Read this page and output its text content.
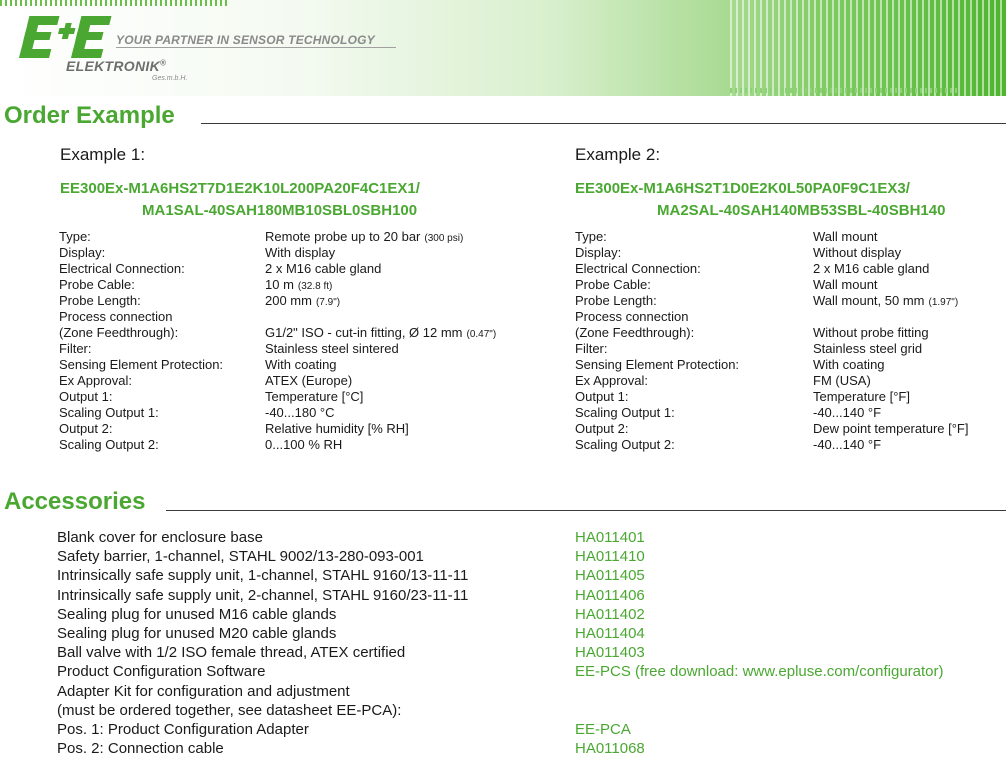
YOUR PARTNER IN SENSOR TECHNOLOGY
ELEKTRONIK®
Ges.m.b.H.
Order Example
Example 1:
EE300Ex-M1A6HS2T7D1E2K10L200PA20F4C1EX1/
MA1SAL-40SAH180MB10SBL0SBH100
Type:	Remote probe up to 20 bar (300 psi)
Display:	With display
Electrical Connection:	2 x M16 cable gland
Probe Cable:	10 m (32.8 ft)
Probe Length:	200 mm (7.9")
Process connection
(Zone Feedthrough):	G1/2" ISO - cut-in fitting, Ø 12 mm (0.47")
Filter:	Stainless steel sintered
Sensing Element Protection:	With coating
Ex Approval:	ATEX (Europe)
Output 1:	Temperature [°C]
Scaling Output 1:	-40...180 °C
Output 2:	Relative humidity [% RH]
Scaling Output 2:	0...100 % RH
Example 2:
EE300Ex-M1A6HS2T1D0E2K0L50PA0F9C1EX3/
MA2SAL-40SAH140MB53SBL-40SBH140
Type:	Wall mount
Display:	Without display
Electrical Connection:	2 x M16 cable gland
Probe Cable:	Wall mount
Probe Length:	Wall mount, 50 mm (1.97")
Process connection
(Zone Feedthrough):	Without probe fitting
Filter:	Stainless steel grid
Sensing Element Protection:	With coating
Ex Approval:	FM (USA)
Output 1:	Temperature [°F]
Scaling Output 1:	-40...140 °F
Output 2:	Dew point temperature [°F]
Scaling Output 2:	-40...140 °F
Accessories
Blank cover for enclosure base	HA011401
Safety barrier, 1-channel, STAHL 9002/13-280-093-001	HA011410
Intrinsically safe supply unit, 1-channel, STAHL 9160/13-11-11	HA011405
Intrinsically safe supply unit, 2-channel, STAHL 9160/23-11-11	HA011406
Sealing plug for unused M16 cable glands	HA011402
Sealing plug for unused M20 cable glands	HA011404
Ball valve with 1/2 ISO female thread, ATEX certified	HA011403
Product Configuration Software	EE-PCS (free download: www.epluse.com/configurator)
Adapter Kit for configuration and adjustment
(must be ordered together, see datasheet EE-PCA):
Pos. 1: Product Configuration Adapter	EE-PCA
Pos. 2: Connection cable	HA011068
